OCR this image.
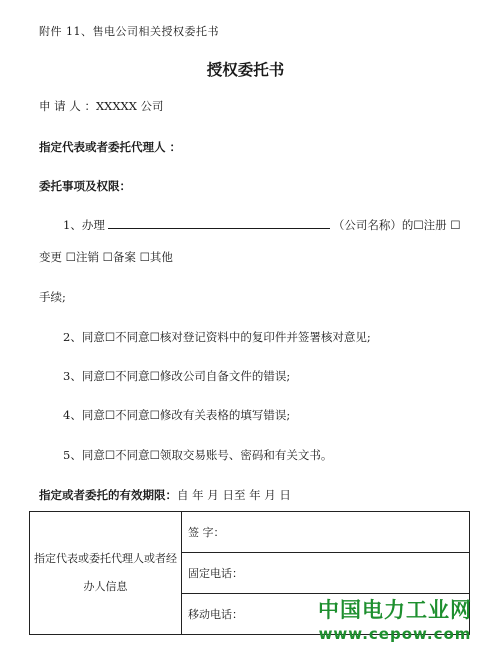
附件 11、售电公司相关授权委托书
授权委托书
申 请 人 ：XXXXX 公司
指定代表或者委托代理人 ：
委托事项及权限：
1、办理	（公司名称）的☐注册 ☐
变更 ☐注销 ☐备案 ☐其他
手续;
2、同意☐不同意☐核对登记资料中的复印件并签署核对意见;
3、同意☐不同意☐修改公司自备文件的错误;
4、同意☐不同意☐修改有关表格的填写错误;
5、同意☐不同意☐领取交易账号、密码和有关文书。
指定或者委托的有效期限：自 年 月 日至 年 月 日
指定代表或委托代理人或者经办人信息	签 字：
固定电话：
移动电话：	中国电力工业网
www.cepow.com
